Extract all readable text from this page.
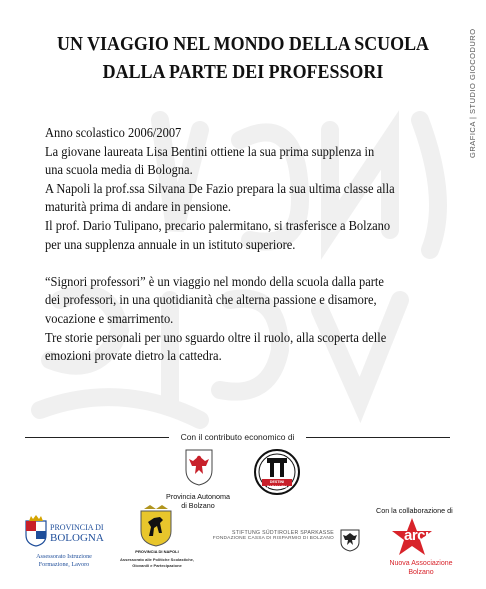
GRAFICA | STUDIO GIOCODURO
UN VIAGGIO NEL MONDO DELLA SCUOLA
DALLA PARTE DEI PROFESSORI
Anno scolastico 2006/2007
La giovane laureata Lisa Bentini ottiene la sua prima supplenza in
una scuola media di Bologna.
A Napoli la prof.ssa Silvana De Fazio prepara la sua ultima classe alla
maturità prima di andare in pensione.
Il prof. Dario Tulipano, precario palermitano, si trasferisce a Bolzano
per una supplenza annuale in un istituto superiore.
“Signori professori” è un viaggio nel mondo della scuola dalla parte
dei professori, in una quotidianità che alterna passione e disamore,
vocazione e smarrimento.
Tre storie personali per uno sguardo oltre il ruolo, alla scoperta delle
emozioni provate dietro la cattedra.
Con il contributo economico di
Provincia Autonoma
di Bolzano
DESTINI PARALLELI
PROVINCIA DI
BOLOGNA
Assessorato Istruzione
Formazione, Lavoro
PROVINCIA DI NAPOLI
Assessorato alle Politiche Scolastiche,
Giovanili e Partecipazione
STIFTUNG SÜDTIROLER SPARKASSE
FONDAZIONE CASSA DI RISPARMIO DI BOLZANO
Con la collaborazione di
arci
Nuova Associazione
Bolzano
